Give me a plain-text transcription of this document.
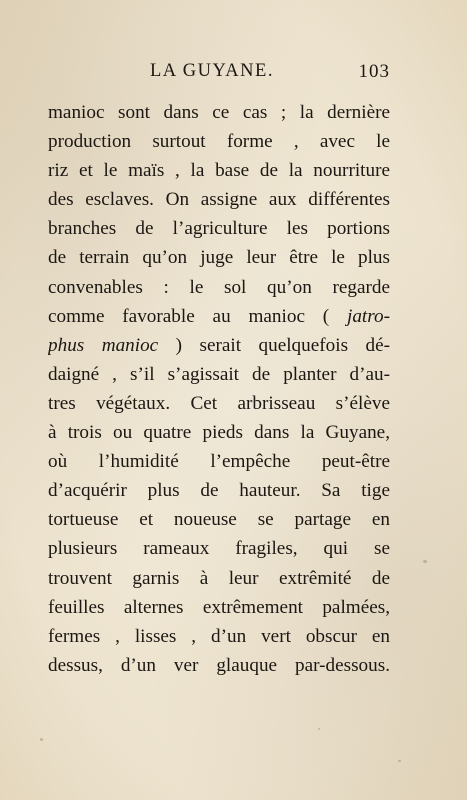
LA GUYANE.	103
manioc sont dans ce cas ; la dernière
production surtout forme , avec le
riz et le maïs , la base de la nourriture
des esclaves. On assigne aux différentes
branches de l’agriculture les portions
de terrain qu’on juge leur être le plus
convenables : le sol qu’on regarde
comme favorable au manioc ( jatro-
phus manioc ) serait quelquefois dé-
daigné , s’il s’agissait de planter d’au-
tres végétaux. Cet arbrisseau s’élève
à trois ou quatre pieds dans la Guyane,
où l’humidité l’empêche peut-être
d’acquérir plus de hauteur. Sa tige
tortueuse et noueuse se partage en
plusieurs rameaux fragiles, qui se
trouvent garnis à leur extrêmité de
feuilles alternes extrêmement palmées,
fermes , lisses , d’un vert obscur en
dessus, d’un ver glauque par-dessous.
